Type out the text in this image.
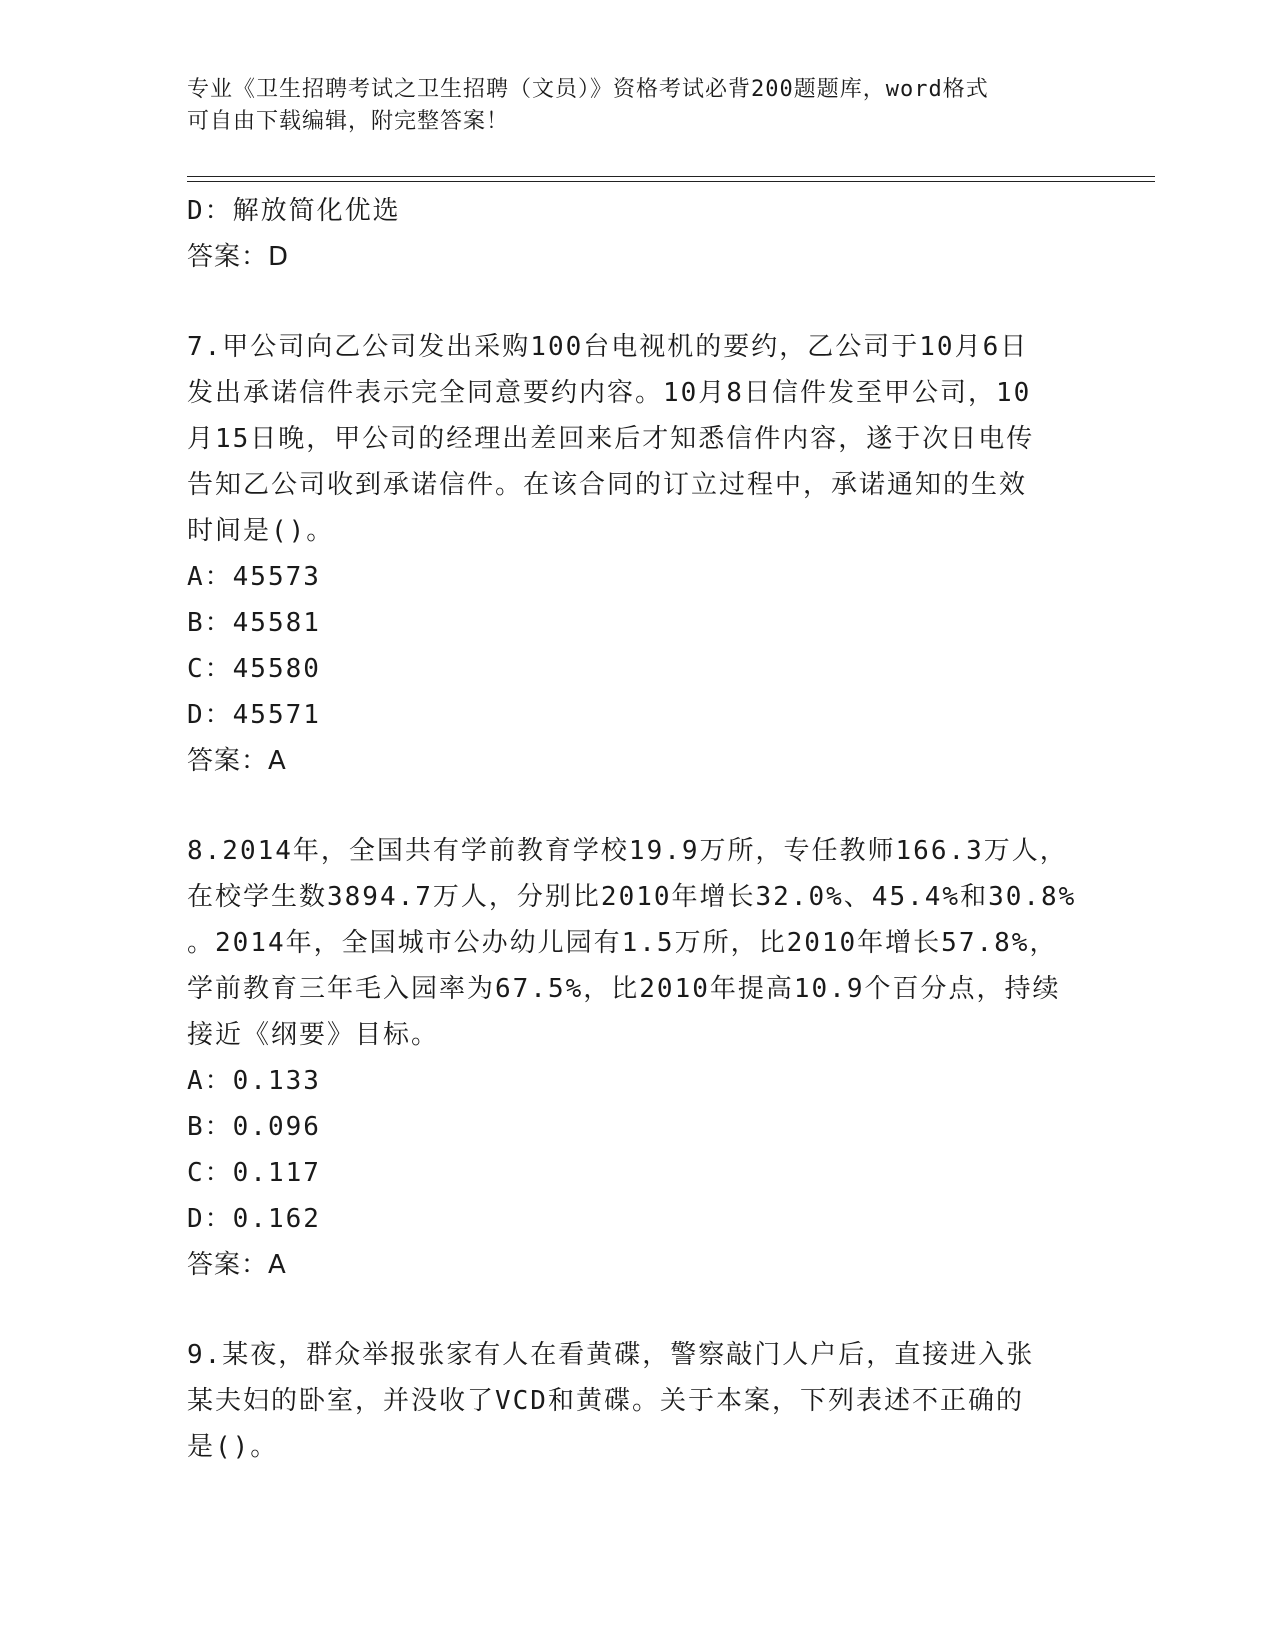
专业《卫生招聘考试之卫生招聘（文员）》资格考试必背200题题库，word格式
可自由下载编辑，附完整答案！
D：解放简化优选
答案：D
7.甲公司向乙公司发出采购100台电视机的要约，乙公司于10月6日
发出承诺信件表示完全同意要约内容。10月8日信件发至甲公司，10
月15日晚，甲公司的经理出差回来后才知悉信件内容，遂于次日电传
告知乙公司收到承诺信件。在该合同的订立过程中，承诺通知的生效
时间是()。
A：45573
B：45581
C：45580
D：45571
答案：A
8.2014年，全国共有学前教育学校19.9万所，专任教师166.3万人，
在校学生数3894.7万人，分别比2010年增长32.0%、45.4%和30.8%
。2014年，全国城市公办幼儿园有1.5万所，比2010年增长57.8%，
学前教育三年毛入园率为67.5%，比2010年提高10.9个百分点，持续
接近《纲要》目标。
A：0.133
B：0.096
C：0.117
D：0.162
答案：A
9.某夜，群众举报张家有人在看黄碟，警察敲门人户后，直接进入张
某夫妇的卧室，并没收了VCD和黄碟。关于本案，下列表述不正确的
是()。
